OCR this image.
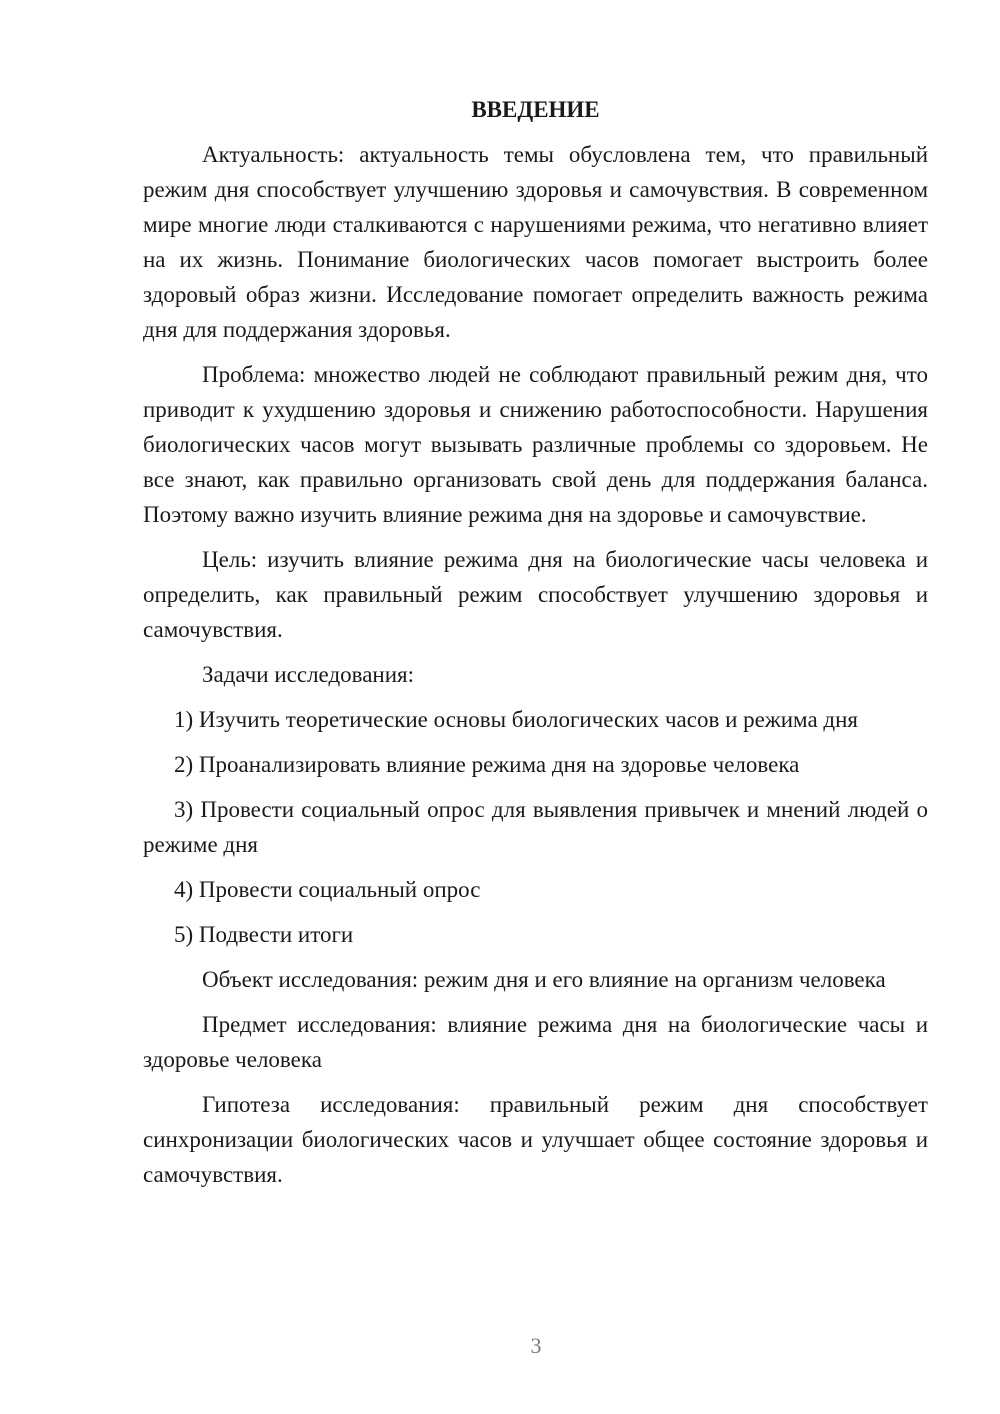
ВВЕДЕНИЕ

Актуальность: актуальность темы обусловлена тем, что правильный режим дня способствует улучшению здоровья и самочувствия. В современном мире многие люди сталкиваются с нарушениями режима, что негативно влияет на их жизнь. Понимание биологических часов помогает выстроить более здоровый образ жизни. Исследование помогает определить важность режима дня для поддержания здоровья.

Проблема: множество людей не соблюдают правильный режим дня, что приводит к ухудшению здоровья и снижению работоспособности. Нарушения биологических часов могут вызывать различные проблемы со здоровьем. Не все знают, как правильно организовать свой день для поддержания баланса. Поэтому важно изучить влияние режима дня на здоровье и самочувствие.

Цель: изучить влияние режима дня на биологические часы человека и определить, как правильный режим способствует улучшению здоровья и самочувствия.

Задачи исследования:

1) Изучить теоретические основы биологических часов и режима дня

2) Проанализировать влияние режима дня на здоровье человека

3) Провести социальный опрос для выявления привычек и мнений людей о режиме дня

4) Провести социальный опрос

5) Подвести итоги

Объект исследования: режим дня и его влияние на организм человека

Предмет исследования: влияние режима дня на биологические часы и здоровье человека

Гипотеза исследования: правильный режим дня способствует синхронизации биологических часов и улучшает общее состояние здоровья и самочувствия.

3
